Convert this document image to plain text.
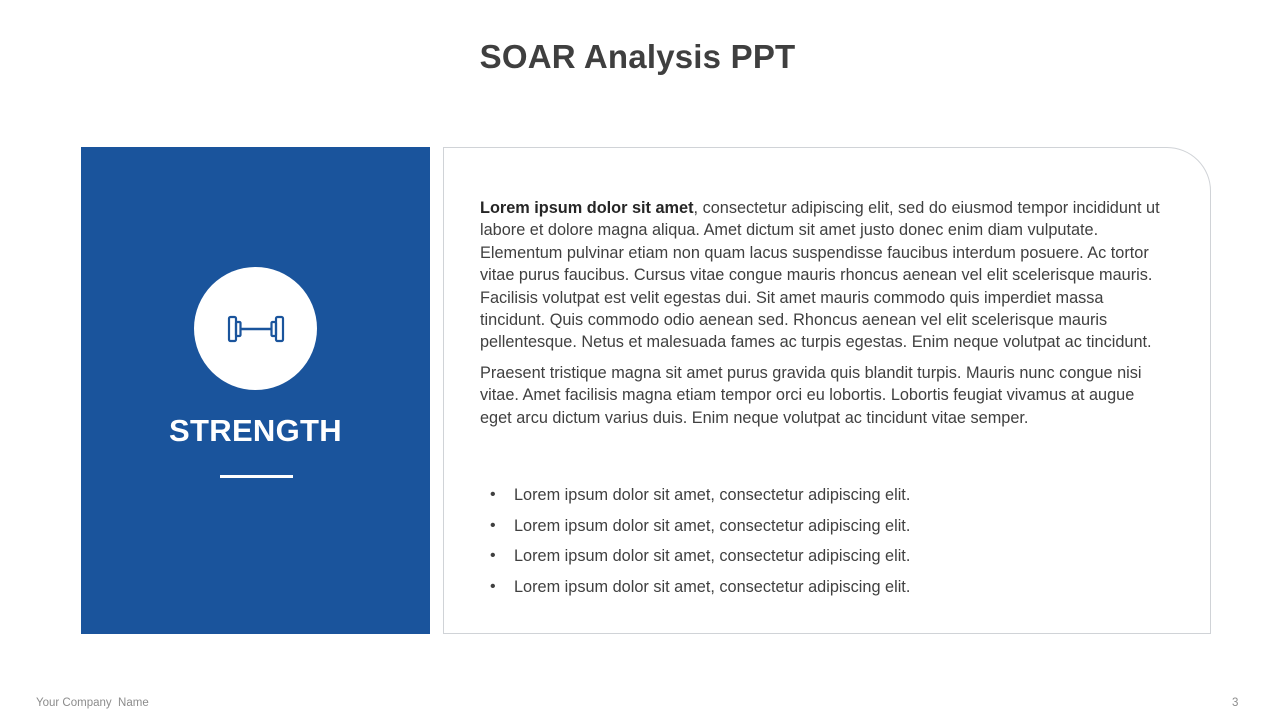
SOAR Analysis PPT
STRENGTH

Lorem ipsum dolor sit amet, consectetur adipiscing elit, sed do eiusmod tempor incididunt ut labore et dolore magna aliqua. Amet dictum sit amet justo donec enim diam vulputate. Elementum pulvinar etiam non quam lacus suspendisse faucibus interdum posuere. Ac tortor vitae purus faucibus. Cursus vitae congue mauris rhoncus aenean vel elit scelerisque mauris. Facilisis volutpat est velit egestas dui. Sit amet mauris commodo quis imperdiet massa tincidunt. Quis commodo odio aenean sed. Rhoncus aenean vel elit scelerisque mauris pellentesque. Netus et malesuada fames ac turpis egestas. Enim neque volutpat ac tincidunt.

Praesent tristique magna sit amet purus gravida quis blandit turpis. Mauris nunc congue nisi vitae. Amet facilisis magna etiam tempor orci eu lobortis. Lobortis feugiat vivamus at augue eget arcu dictum varius duis. Enim neque volutpat ac tincidunt vitae semper.

• Lorem ipsum dolor sit amet, consectetur adipiscing elit.
• Lorem ipsum dolor sit amet, consectetur adipiscing elit.
• Lorem ipsum dolor sit amet, consectetur adipiscing elit.
• Lorem ipsum dolor sit amet, consectetur adipiscing elit.
Your Company  Name	3
